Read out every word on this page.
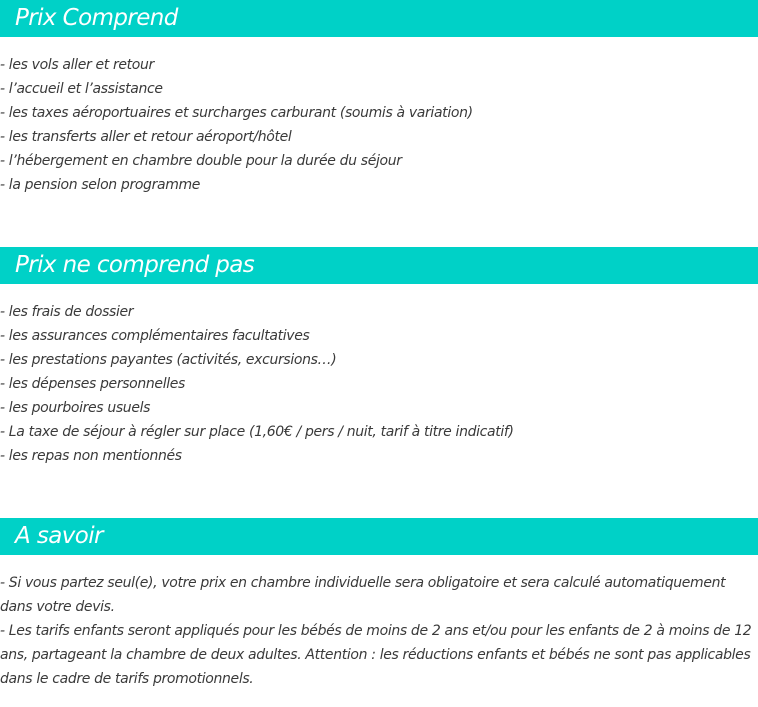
Prix Comprend
- les vols aller et retour
- l’accueil et l’assistance
- les taxes aéroportuaires et surcharges carburant (soumis à variation)
- les transferts aller et retour aéroport/hôtel
- l’hébergement en chambre double pour la durée du séjour
- la pension selon programme
Prix ne comprend pas
- les frais de dossier
- les assurances complémentaires facultatives
- les prestations payantes (activités, excursions…)
- les dépenses personnelles
- les pourboires usuels
- La taxe de séjour à régler sur place (1,60€ / pers / nuit, tarif à titre indicatif)
- les repas non mentionnés
A savoir

- Si vous partez seul(e), votre prix en chambre individuelle sera obligatoire et sera calculé automatiquement dans votre devis.

- Les tarifs enfants seront appliqués pour les bébés de moins de 2 ans et/ou pour les enfants de 2 à moins de 12 ans, partageant la chambre de deux adultes. Attention : les réductions enfants et bébés ne sont pas applicables dans le cadre de tarifs promotionnels.
